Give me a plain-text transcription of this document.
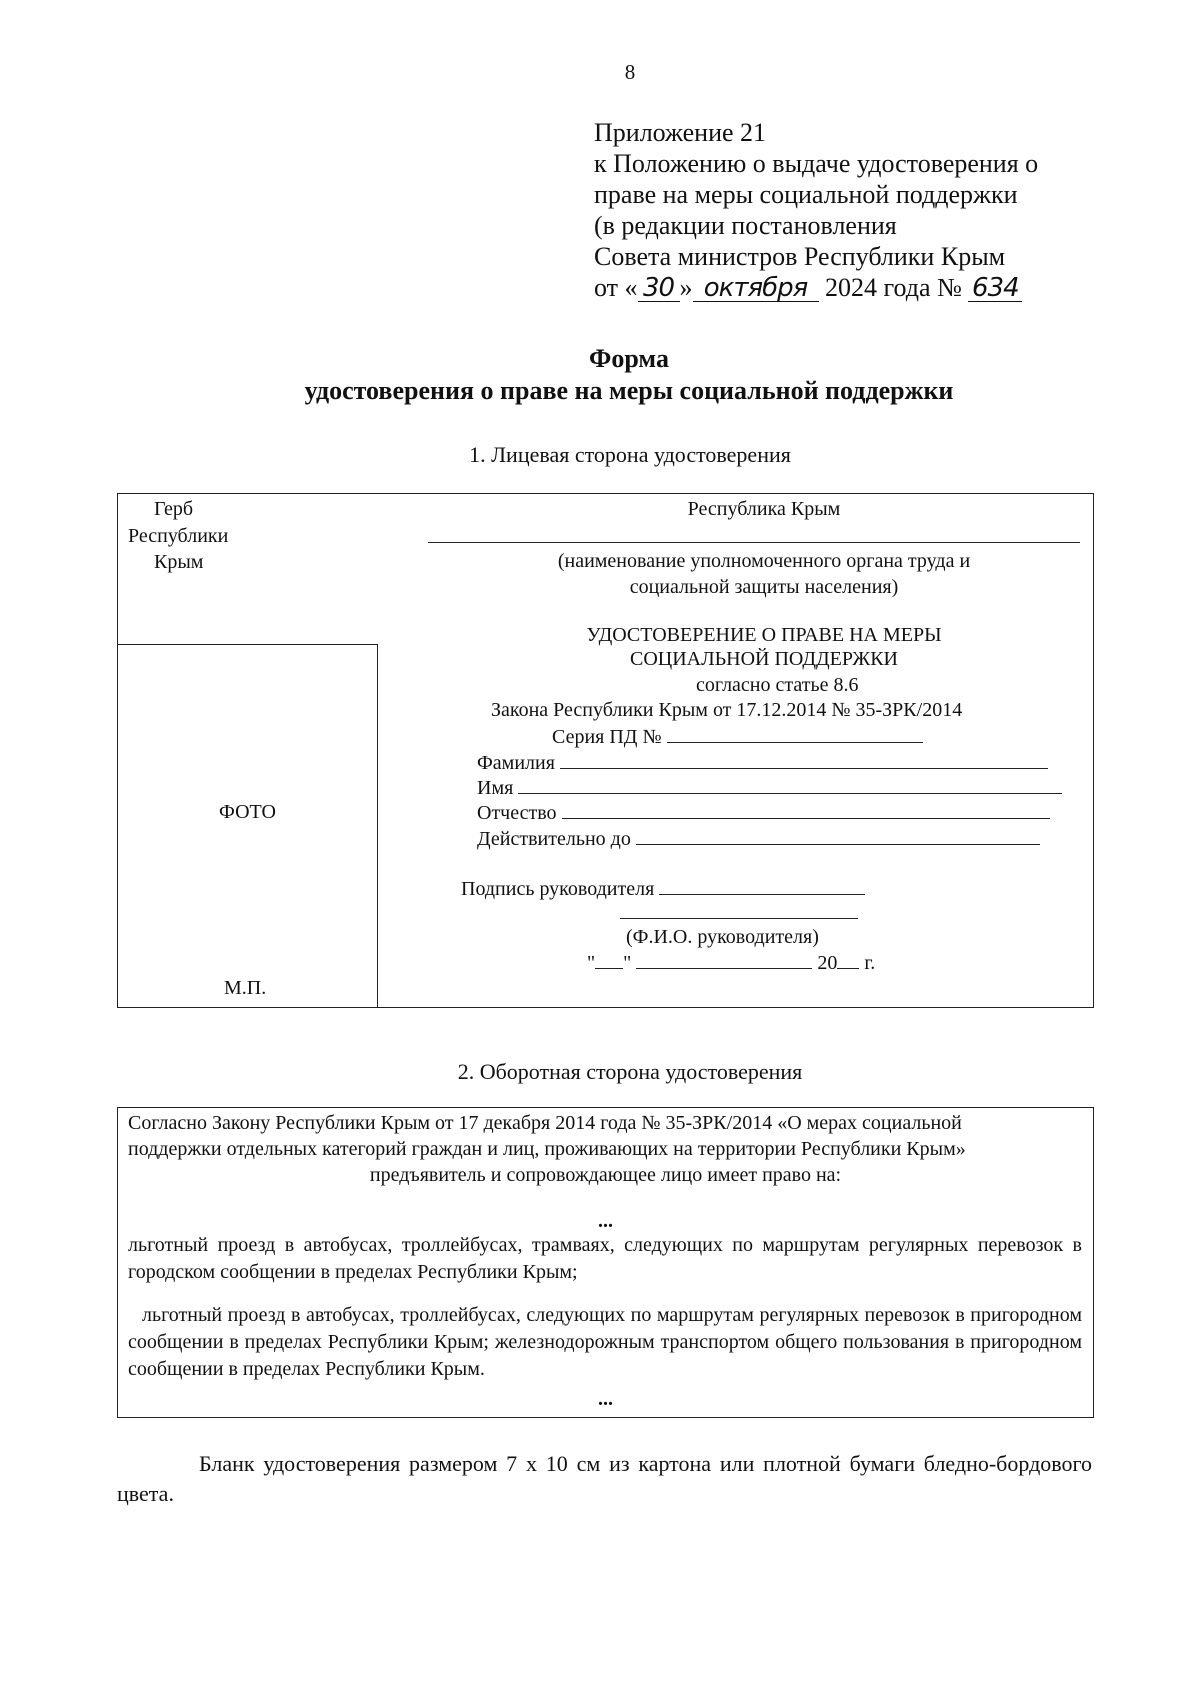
8
Приложение 21
к Положению о выдаче удостоверения о
праве на меры социальной поддержки
(в редакции постановления
Совета министров Республики Крым
от « 30 » октября 2024 года № 634
Форма
удостоверения о праве на меры социальной поддержки
1. Лицевая сторона удостоверения
Герб
Республики
Крым
ФОТО
М.П.
Республика Крым
(наименование уполномоченного органа труда и
социальной защиты населения)
УДОСТОВЕРЕНИЕ О ПРАВЕ НА МЕРЫ
СОЦИАЛЬНОЙ ПОДДЕРЖКИ
согласно статье 8.6
Закона Республики Крым от 17.12.2014 № 35-ЗРК/2014
Серия ПД №
Фамилия
Имя
Отчество
Действительно до
Подпись руководителя
(Ф.И.О. руководителя)
" "	20 г.
2. Оборотная сторона удостоверения
Согласно Закону Республики Крым от 17 декабря 2014 года № 35-ЗРК/2014 «О мерах социальной
поддержки отдельных категорий граждан и лиц, проживающих на территории Республики Крым»
предъявитель и сопровождающее лицо имеет право на:
...
льготный проезд в автобусах, троллейбусах, трамваях, следующих по маршрутам регулярных перевозок в городском сообщении в пределах Республики Крым;
льготный проезд в автобусах, троллейбусах, следующих по маршрутам регулярных перевозок в пригородном сообщении в пределах Республики Крым; железнодорожным транспортом общего пользования в пригородном сообщении в пределах Республики Крым.
...
Бланк удостоверения размером 7 х 10 см из картона или плотной бумаги бледно-бордового цвета.
